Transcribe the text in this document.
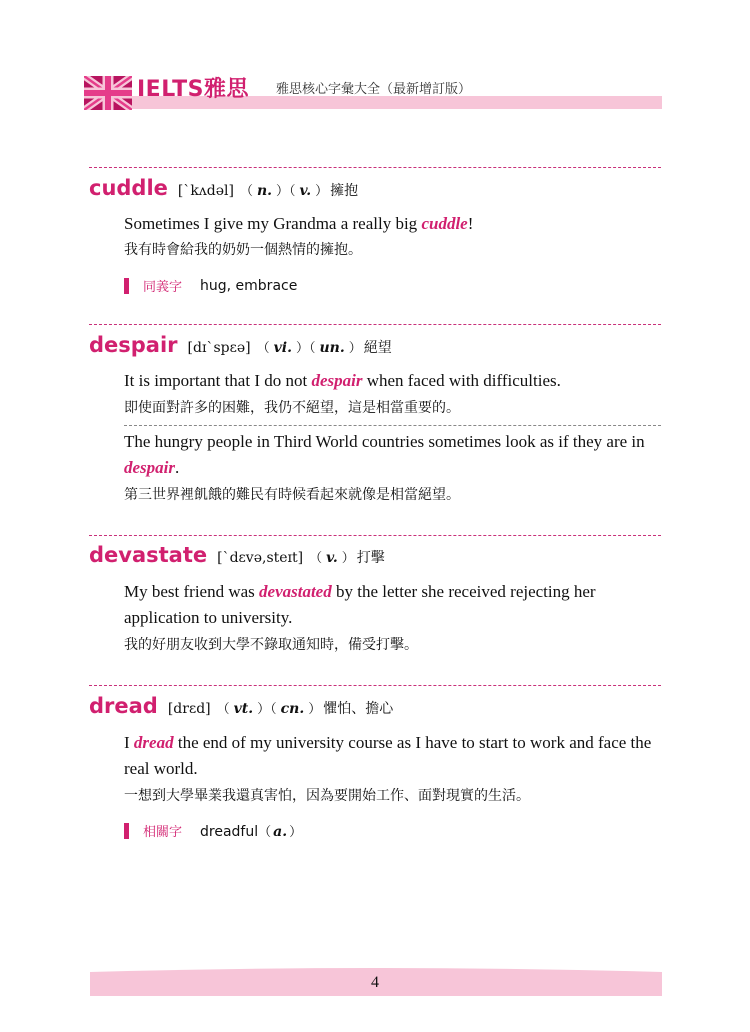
IELTS雅思 雅思核心字彙大全（最新增訂版）
cuddle [`kʌdəl] （ n. ）（ v. ） 擁抱
Sometimes I give my Grandma a really big cuddle!
我有時會給我的奶奶一個熱情的擁抱。
同義字 hug, embrace
despair [dɪ`spɛə] （ vi. ）（ un. ） 絕望
It is important that I do not despair when faced with difficulties.
即使面對許多的困難，我仍不絕望，這是相當重要的。
The hungry people in Third World countries sometimes look as if they are in despair.
第三世界裡飢餓的難民有時候看起來就像是相當絕望。
devastate [`dɛvə,steɪt] （ v. ） 打擊
My best friend was devastated by the letter she received rejecting her application to university.
我的好朋友收到大學不錄取通知時，備受打擊。
dread [drɛd] （ vt. ）（ cn. ） 懼怕、擔心
I dread the end of my university course as I have to start to work and face the real world.
一想到大學畢業我還真害怕，因為要開始工作、面對現實的生活。
相關字 dreadful（ a. ）
4
